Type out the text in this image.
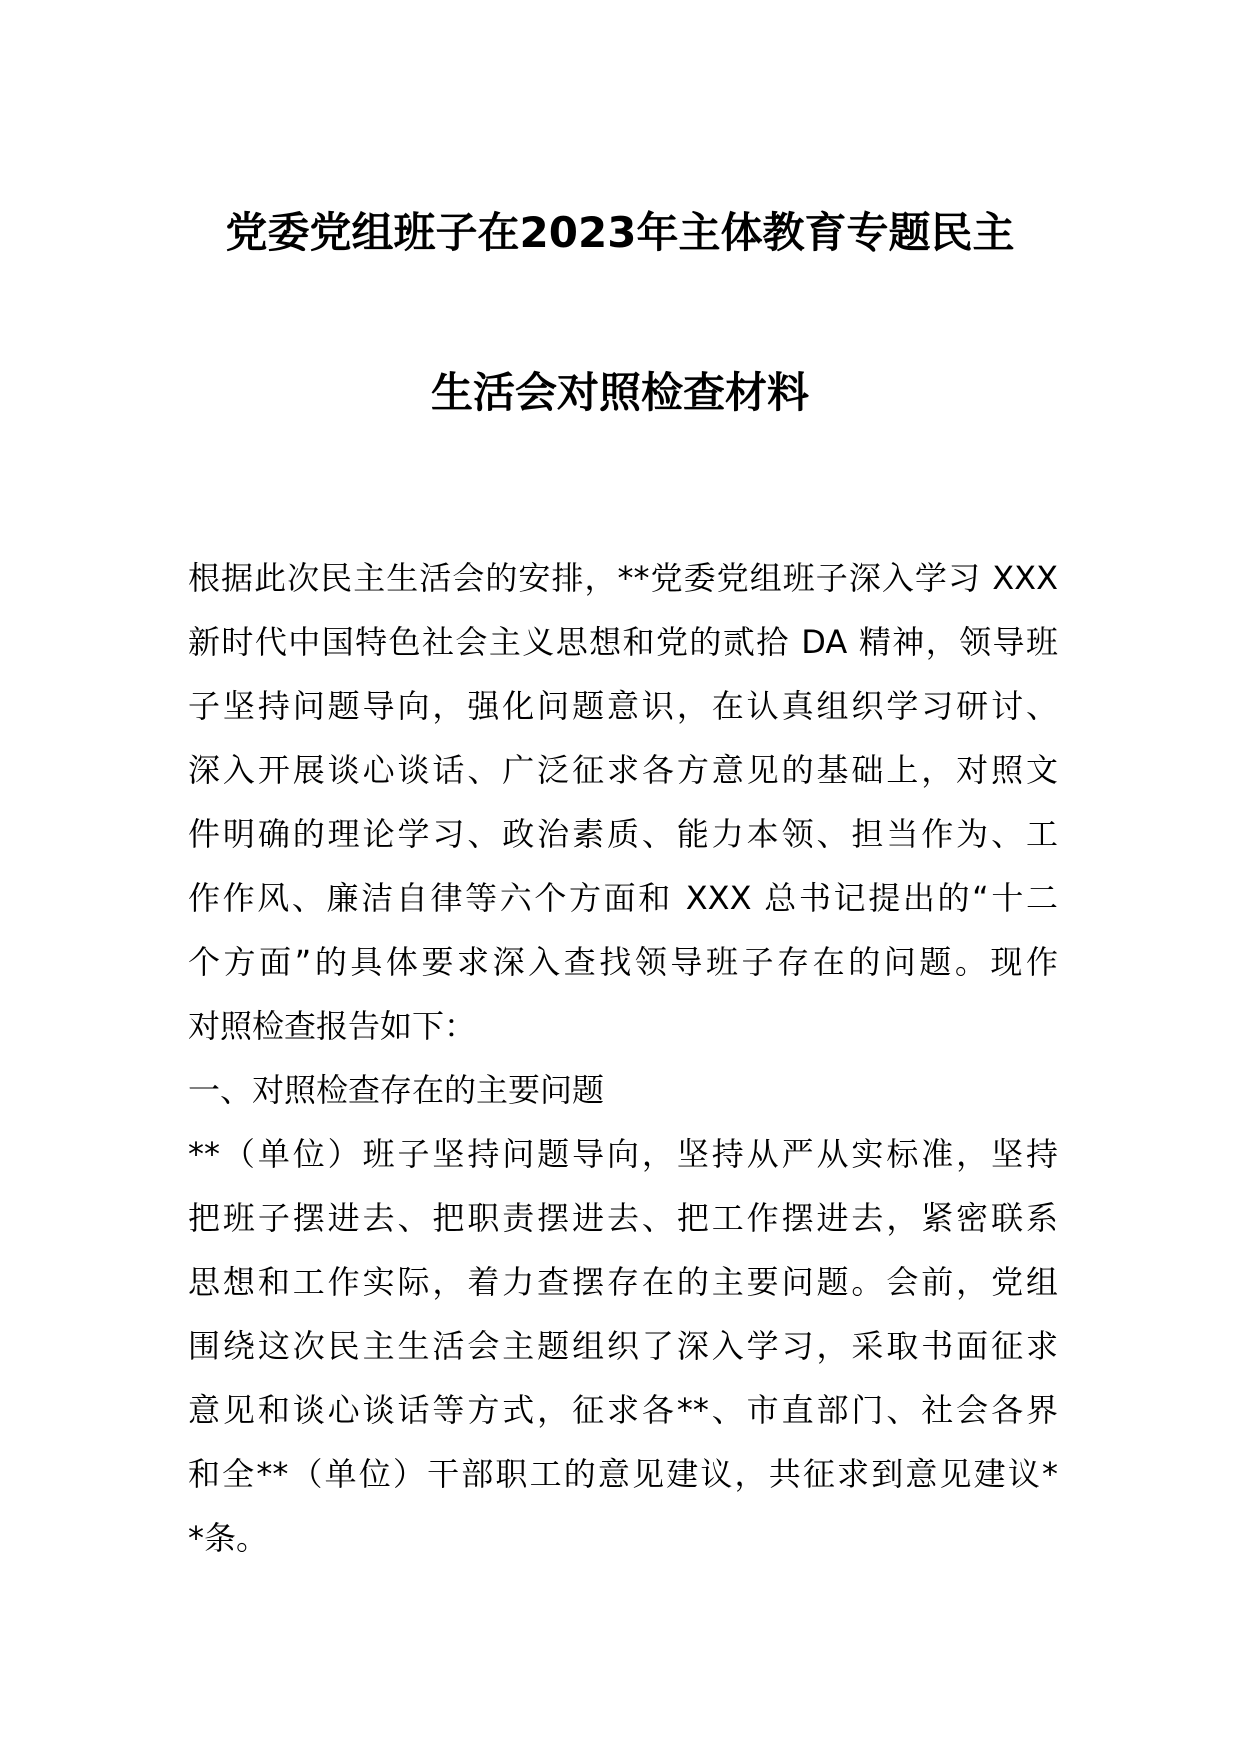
党委党组班子在2023年主体教育专题民主
生活会对照检查材料
根据此次民主生活会的安排，**党委党组班子深入学习 XXX
新时代中国特色社会主义思想和党的贰拾 DA 精神，领导班
子坚持问题导向，强化问题意识，在认真组织学习研讨、
深入开展谈心谈话、广泛征求各方意见的基础上，对照文
件明确的理论学习、政治素质、能力本领、担当作为、工
作作风、廉洁自律等六个方面和 XXX 总书记提出的“十二
个方面”的具体要求深入查找领导班子存在的问题。现作
对照检查报告如下：
一、对照检查存在的主要问题
**（单位）班子坚持问题导向，坚持从严从实标准，坚持
把班子摆进去、把职责摆进去、把工作摆进去，紧密联系
思想和工作实际，着力查摆存在的主要问题。会前，党组
围绕这次民主生活会主题组织了深入学习，采取书面征求
意见和谈心谈话等方式，征求各**、市直部门、社会各界
和全**（单位）干部职工的意见建议，共征求到意见建议*
*条。
